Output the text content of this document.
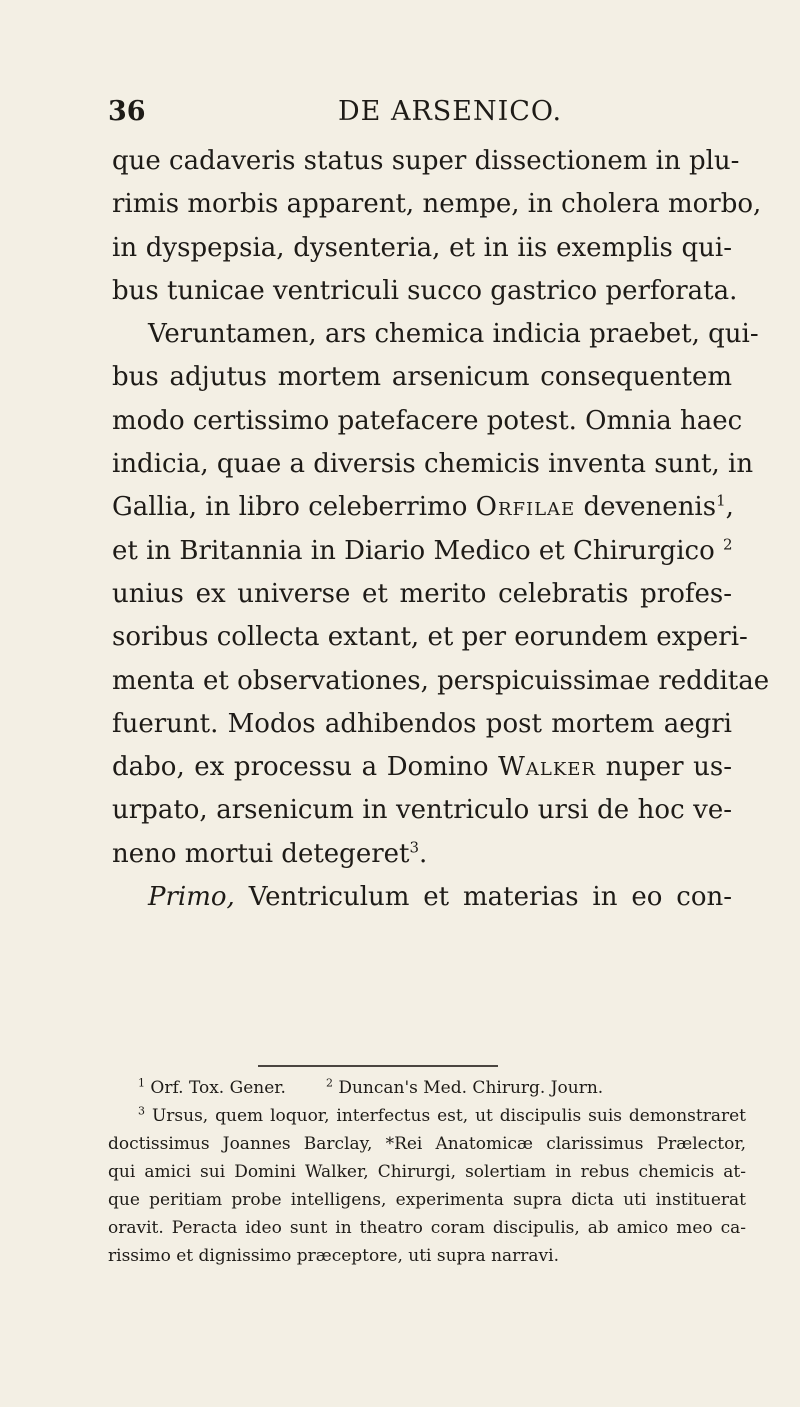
36	DE ARSENICO.
que cadaveris status super dissectionem in plu-
rimis morbis apparent, nempe, in cholera morbo,
in dyspepsia, dysenteria, et in iis exemplis qui-
bus tunicae ventriculi succo gastrico perforata.
Veruntamen, ars chemica indicia praebet, qui-
bus adjutus mortem arsenicum consequentem
modo certissimo patefacere potest. Omnia haec
indicia, quae a diversis chemicis inventa sunt, in
Gallia, in libro celeberrimo Orfilae devenenis$^1$,
et in Britannia in Diario Medico et Chirurgico $^2$
unius ex universe et merito celebratis profes-
soribus collecta extant, et per eorundem experi-
menta et observationes, perspicuissimae redditae
fuerunt. Modos adhibendos post mortem aegri
dabo, ex processu a Domino Walker nuper us-
urpato, arsenicum in ventriculo ursi de hoc ve-
neno mortui detegeret$^3$.
Primo, Ventriculum et materias in eo con-
$^1$ Orf. Tox. Gener.	$^2$ Duncan's Med. Chirurg. Journ.
$^3$ Ursus, quem loquor, interfectus est, ut discipulis suis demonstraret
doctissimus Joannes Barclay, *Rei Anatomicæ clarissimus Prælector,
qui amici sui Domini Walker, Chirurgi, solertiam in rebus chemicis at-
que peritiam probe intelligens, experimenta supra dicta uti instituerat
oravit. Peracta ideo sunt in theatro coram discipulis, ab amico meo ca-
rissimo et dignissimo præceptore, uti supra narravi.
